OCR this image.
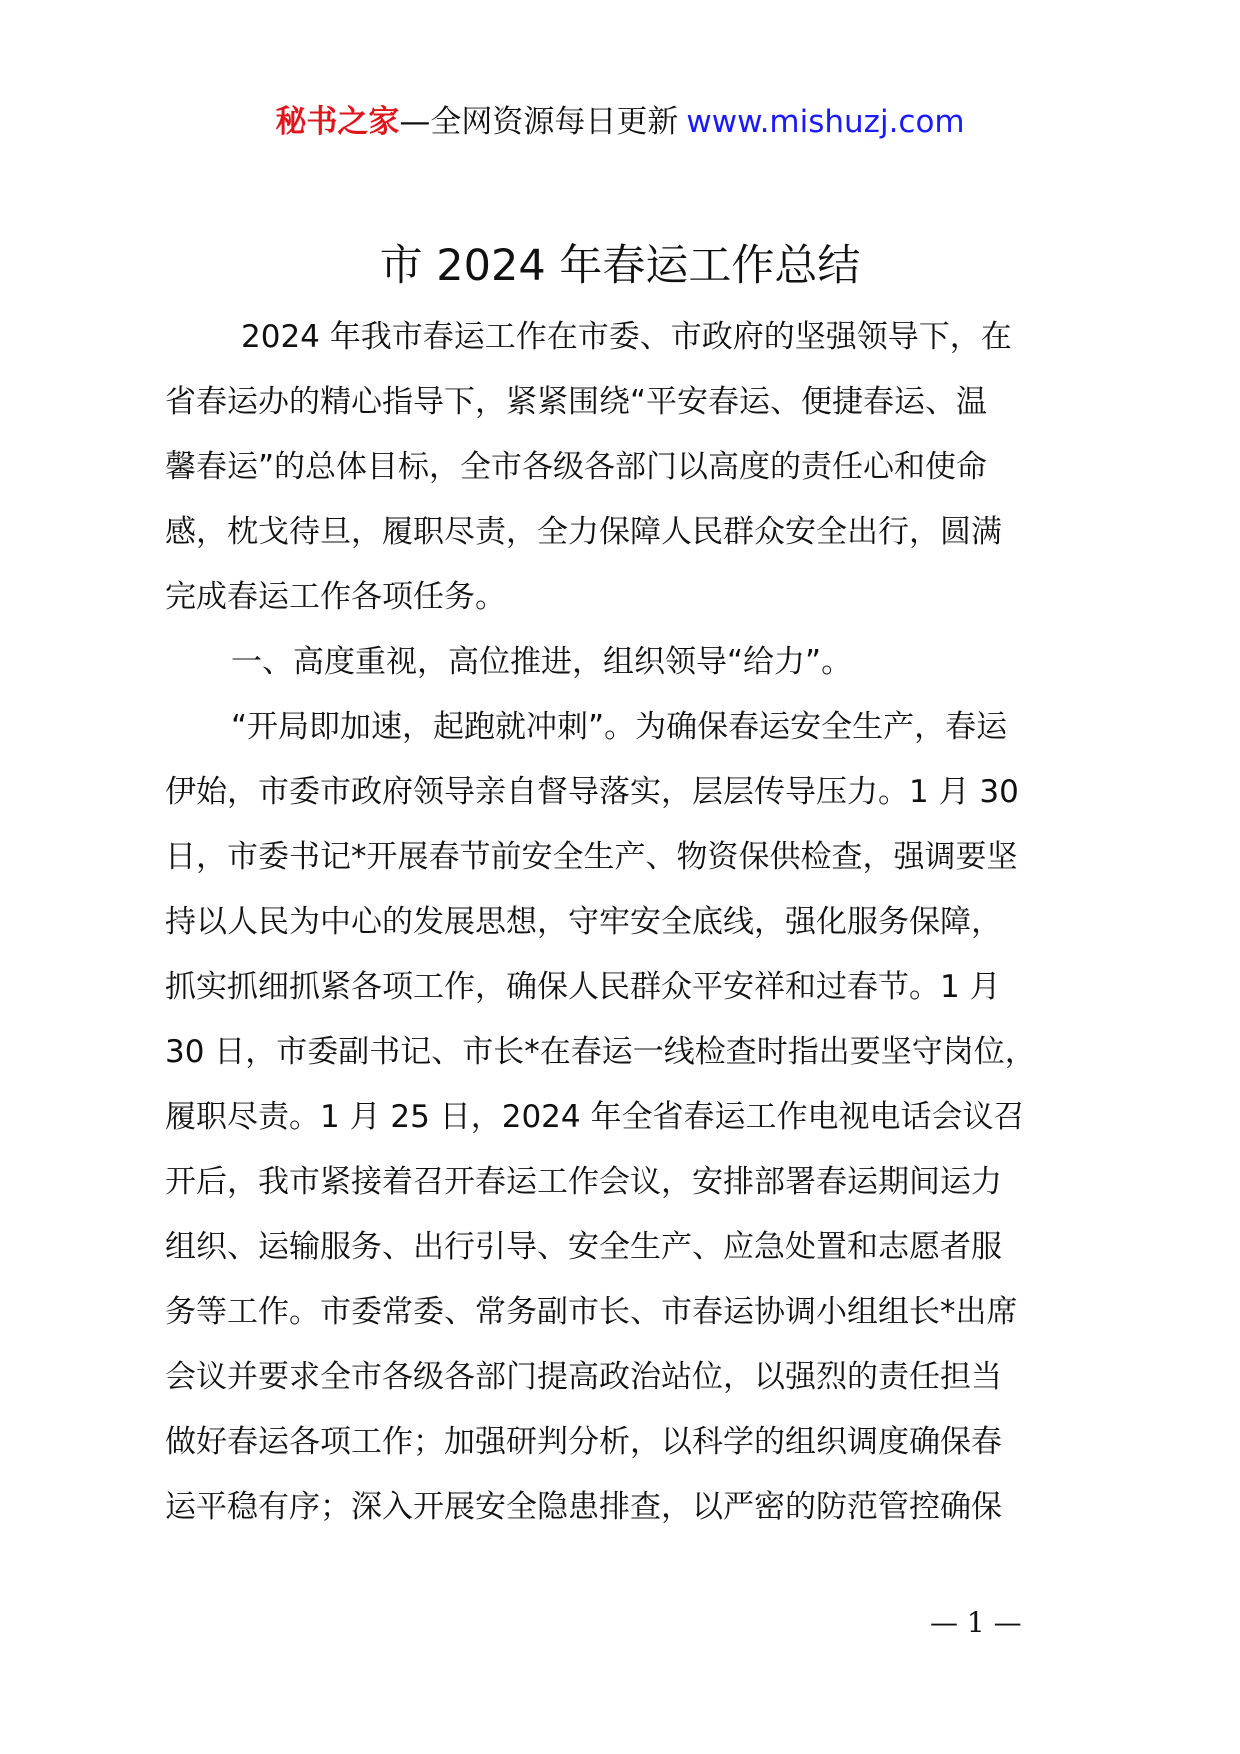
秘书之家—全网资源每日更新 www.mishuzj.com
市 2024 年春运工作总结

2024 年我市春运工作在市委、市政府的坚强领导下，在

省春运办的精心指导下，紧紧围绕“平安春运、便捷春运、温

馨春运”的总体目标，全市各级各部门以高度的责任心和使命

感，枕戈待旦，履职尽责，全力保障人民群众安全出行，圆满

完成春运工作各项任务。

一、高度重视，高位推进，组织领导“给力”。

“开局即加速，起跑就冲刺”。为确保春运安全生产，春运

伊始，市委市政府领导亲自督导落实，层层传导压力。1 月 30

日，市委书记*开展春节前安全生产、物资保供检查，强调要坚

持以人民为中心的发展思想，守牢安全底线，强化服务保障，

抓实抓细抓紧各项工作，确保人民群众平安祥和过春节。1 月

30 日，市委副书记、市长*在春运一线检查时指出要坚守岗位，

履职尽责。1 月 25 日，2024 年全省春运工作电视电话会议召

开后，我市紧接着召开春运工作会议，安排部署春运期间运力

组织、运输服务、出行引导、安全生产、应急处置和志愿者服

务等工作。市委常委、常务副市长、市春运协调小组组长*出席

会议并要求全市各级各部门提高政治站位，以强烈的责任担当

做好春运各项工作；加强研判分析，以科学的组织调度确保春

运平稳有序；深入开展安全隐患排查，以严密的防范管控确保

— 1 —
